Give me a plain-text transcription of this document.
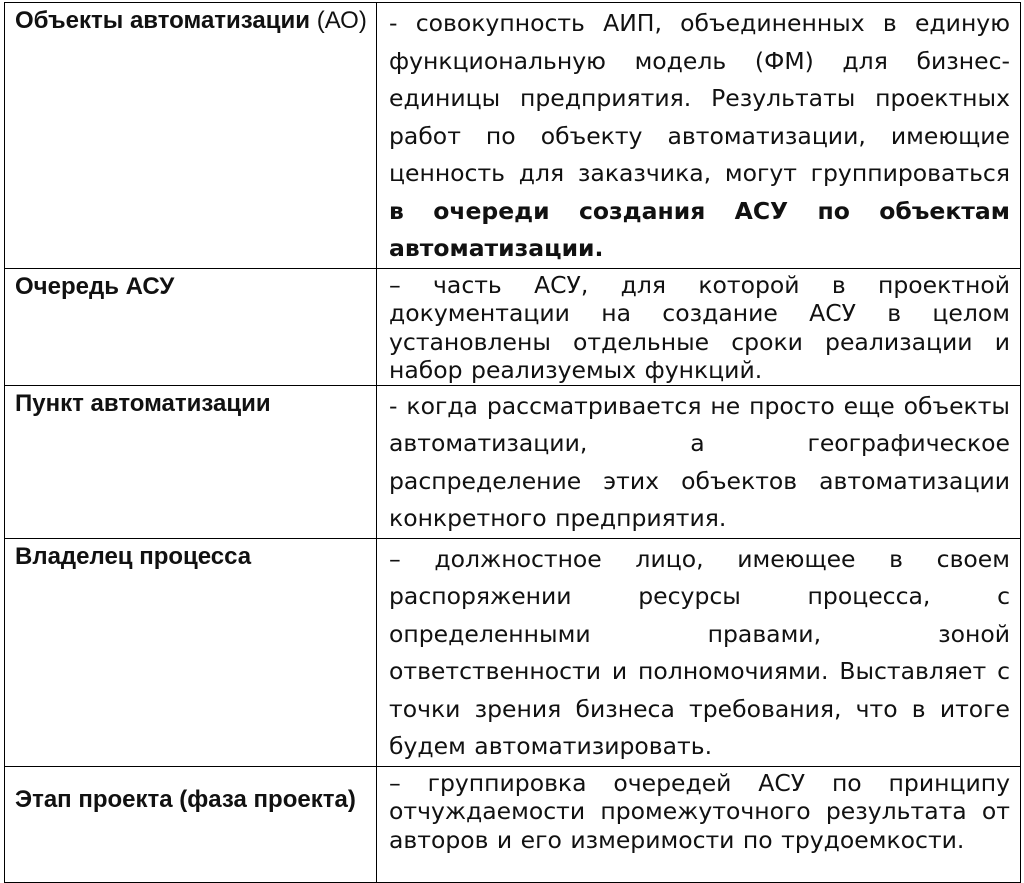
Объекты автоматизации (АО)	- совокупность АИП, объединенных в единую функциональную модель (ФМ) для бизнес-единицы предприятия. Результаты проектных работ по объекту автоматизации, имеющие ценность для заказчика, могут группироваться в очереди создания АСУ по объектам автоматизации.
Очередь АСУ	– часть АСУ, для которой в проектной документации на создание АСУ в целом установлены отдельные сроки реализации и набор реализуемых функций.
Пункт автоматизации	- когда рассматривается не просто еще объекты автоматизации, а географическое распределение этих объектов автоматизации конкретного предприятия.
Владелец процесса	– должностное лицо, имеющее в своем распоряжении ресурсы процесса, с определенными правами, зоной ответственности и полномочиями. Выставляет с точки зрения бизнеса требования, что в итоге будем автоматизировать.
Этап проекта (фаза проекта)	– группировка очередей АСУ по принципу отчуждаемости промежуточного результата от авторов и его измеримости по трудоемкости.
